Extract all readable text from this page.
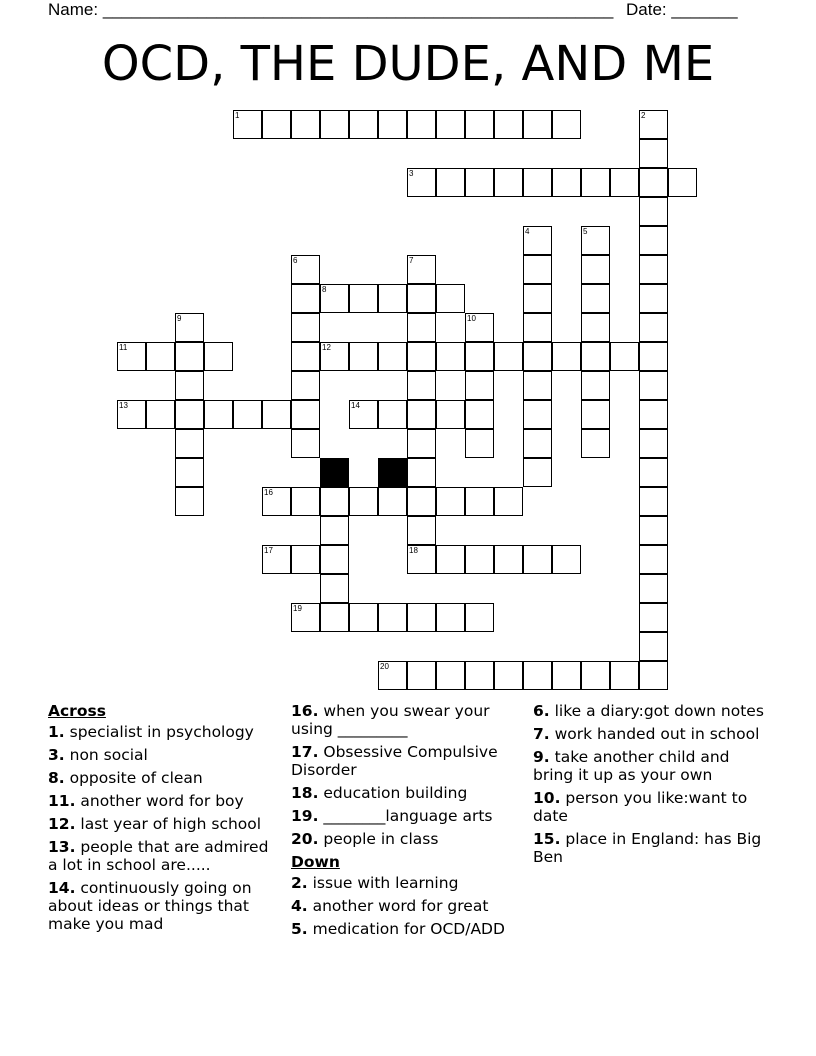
Name: ______________________________________________________ Date: _______
OCD, THE DUDE, AND ME
1	2
3
4	5
6	7
18
8
9	10
11	12
13	14
15
16
17
19
20
Across
1. specialist in psychology
3. non social
8. opposite of clean
11. another word for boy
12. last year of high school
13. people that are admired a lot in school are.....
14. continuously going on about ideas or things that make you mad
16. when you swear your using _________
17. Obsessive Compulsive Disorder
18. education building
19. ________language arts
20. people in class
Down
2. issue with learning
4. another word for great
5. medication for OCD/ADD
6. like a diary:got down notes
7. work handed out in school
9. take another child and bring it up as your own
10. person you like:want to date
15. place in England: has Big Ben
